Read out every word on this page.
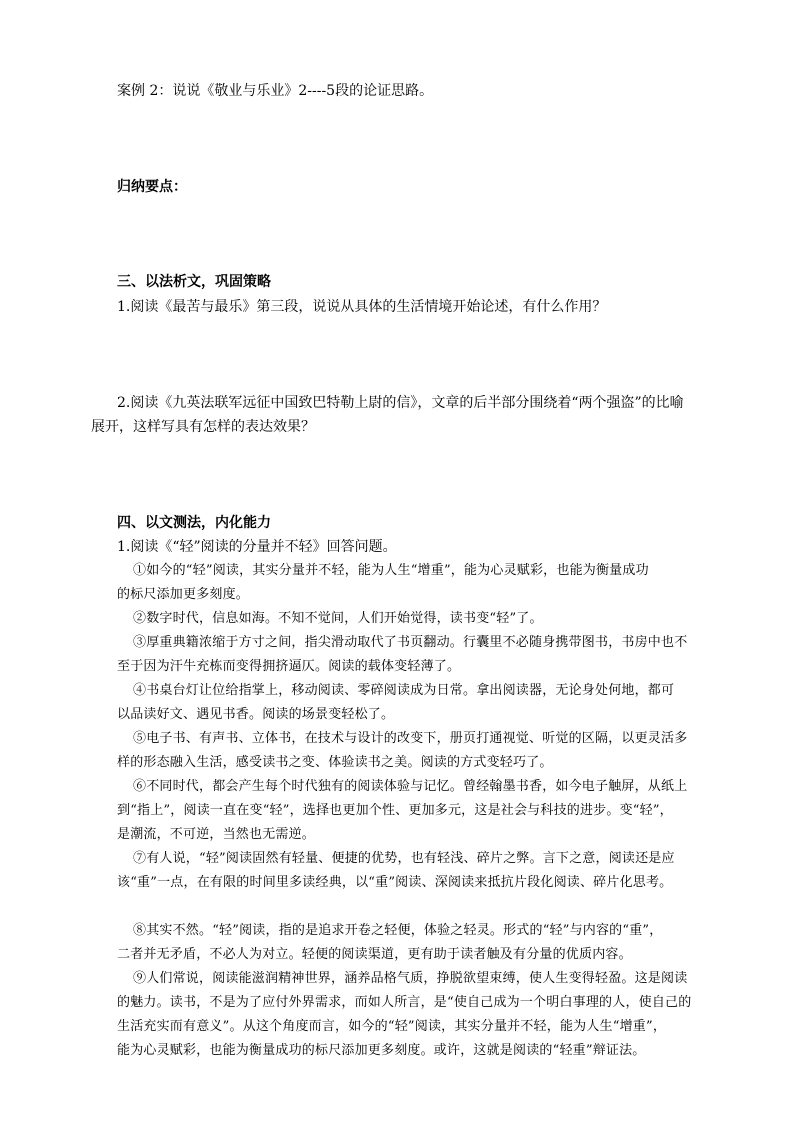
案例 2：说说《敬业与乐业》2----5段的论证思路。
归纳要点：
三、以法析文，巩固策略
1.阅读《最苦与最乐》第三段，说说从具体的生活情境开始论述，有什么作用？
2.阅读《九英法联军远征中国致巴特勒上尉的信》，文章的后半部分围绕着“两个强盗”的比喻
展开，这样写具有怎样的表达效果？
四、以文测法，内化能力
1.阅读《“轻”阅读的分量并不轻》回答问题。
①如今的“轻”阅读，其实分量并不轻，能为人生“增重”，能为心灵赋彩，也能为衡量成功
的标尺添加更多刻度。
②数字时代，信息如海。不知不觉间，人们开始觉得，读书变“轻”了。
③厚重典籍浓缩于方寸之间，指尖滑动取代了书页翻动。行囊里不必随身携带图书，书房中也不
至于因为汗牛充栋而变得拥挤逼仄。阅读的载体变轻薄了。
④书桌台灯让位给指掌上，移动阅读、零碎阅读成为日常。拿出阅读器，无论身处何地，都可
以品读好文、遇见书香。阅读的场景变轻松了。
⑤电子书、有声书、立体书，在技术与设计的改变下，册页打通视觉、听觉的区隔，以更灵活多
样的形态融入生活，感受读书之变、体验读书之美。阅读的方式变轻巧了。
⑥不同时代，都会产生每个时代独有的阅读体验与记忆。曾经翰墨书香，如今电子触屏，从纸上
到“指上”，阅读一直在变“轻”，选择也更加个性、更加多元，这是社会与科技的进步。变“轻”，
是潮流，不可逆，当然也无需逆。
⑦有人说，“轻”阅读固然有轻量、便捷的优势，也有轻浅、碎片之弊。言下之意，阅读还是应
该“重”一点，在有限的时间里多读经典，以“重”阅读、深阅读来抵抗片段化阅读、碎片化思考。
⑧其实不然。“轻”阅读，指的是追求开卷之轻便，体验之轻灵。形式的“轻”与内容的“重”，
二者并无矛盾，不必人为对立。轻便的阅读渠道，更有助于读者触及有分量的优质内容。
⑨人们常说，阅读能滋润精神世界，涵养品格气质，挣脱欲望束缚，使人生变得轻盈。这是阅读
的魅力。读书，不是为了应付外界需求，而如人所言，是“使自己成为一个明白事理的人，使自己的
生活充实而有意义”。从这个角度而言，如今的“轻”阅读，其实分量并不轻，能为人生“增重”，
能为心灵赋彩，也能为衡量成功的标尺添加更多刻度。或许，这就是阅读的“轻重”辩证法。
